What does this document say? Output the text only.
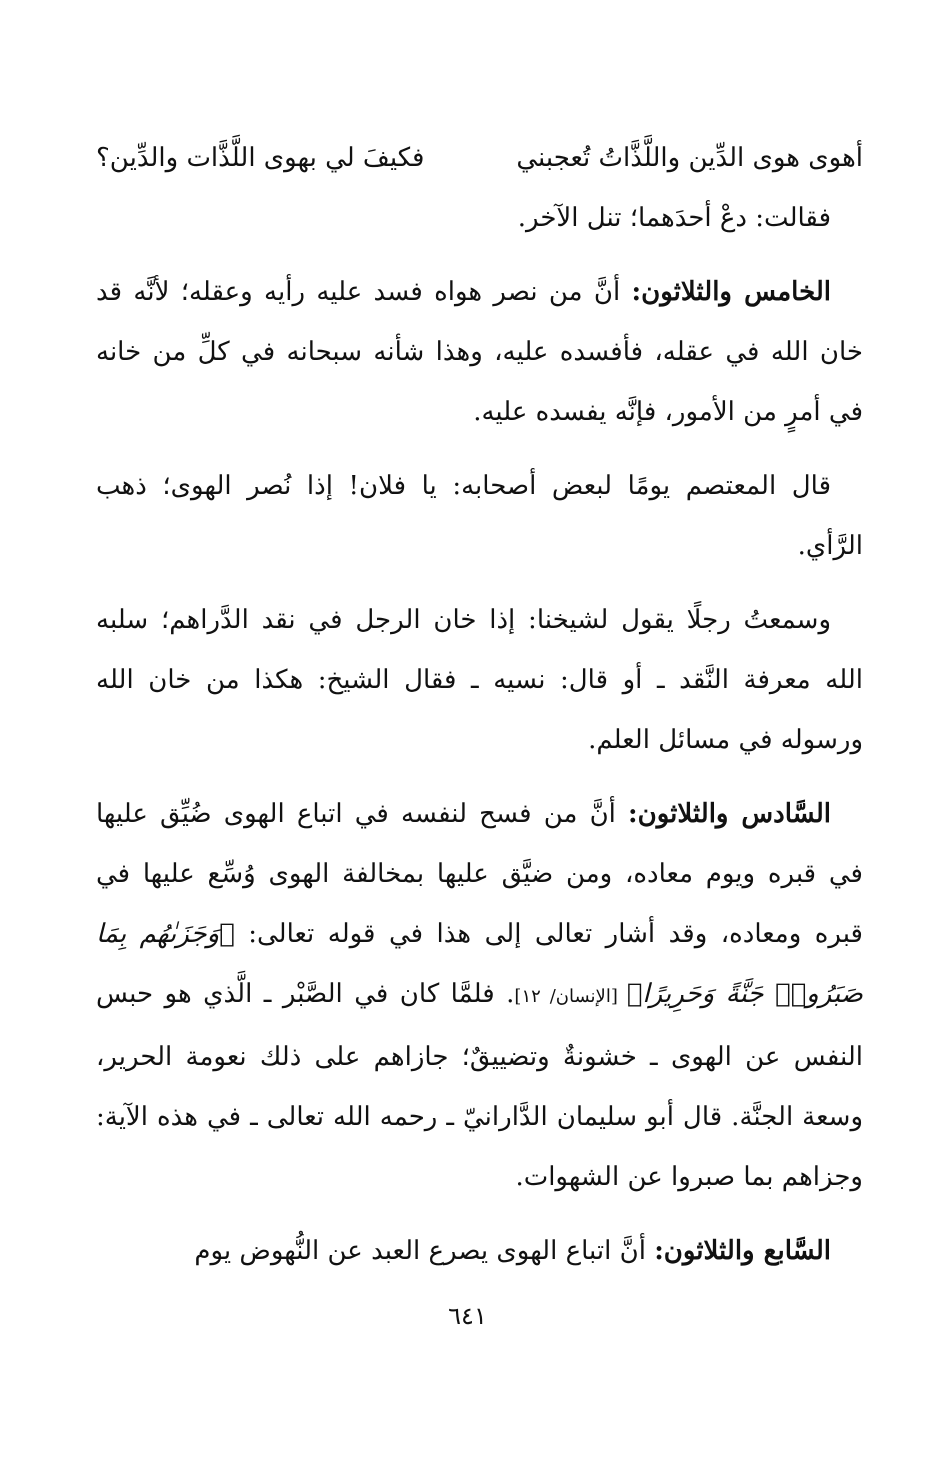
أهوى هوى الدِّين واللَّذَّاتُ تُعجبني
فكيفَ لي بهوى اللَّذَّات والدِّين؟

فقالت: دعْ أحدَهما؛ تنل الآخر.

الخامس والثلاثون: أنَّ من نصر هواه فسد عليه رأيه وعقله؛ لأنَّه قد خان الله في عقله، فأفسده عليه، وهذا شأنه سبحانه في كلِّ من خانه في أمرٍ من الأمور، فإنَّه يفسده عليه.

قال المعتصم يومًا لبعض أصحابه: يا فلان! إذا نُصر الهوى؛ ذهب الرَّأي.

وسمعتُ رجلًا يقول لشيخنا: إذا خان الرجل في نقد الدَّراهم؛ سلبه الله معرفة النَّقد ـ أو قال: نسيه ـ فقال الشيخ: هكذا من خان الله ورسوله في مسائل العلم.

السَّادس والثلاثون: أنَّ من فسح لنفسه في اتباع الهوى ضُيِّق عليها في قبره ويوم معاده، ومن ضيَّق عليها بمخالفة الهوى وُسِّع عليها في قبره ومعاده، وقد أشار تعالى إلى هذا في قوله تعالى: ﴿وَجَزَىٰهُم بِمَا صَبَرُوا۟ جَنَّةً وَحَرِيرًا﴾ [الإنسان/ ١٢]. فلمَّا كان في الصَّبْر ـ الَّذي هو حبس النفس عن الهوى ـ خشونةٌ وتضييقٌ؛ جازاهم على ذلك نعومة الحرير، وسعة الجنَّة. قال أبو سليمان الدَّارانيّ ـ رحمه الله تعالى ـ في هذه الآية: وجزاهم بما صبروا عن الشهوات.

السَّابع والثلاثون: أنَّ اتباع الهوى يصرع العبد عن النُّهوض يوم

٦٤١
